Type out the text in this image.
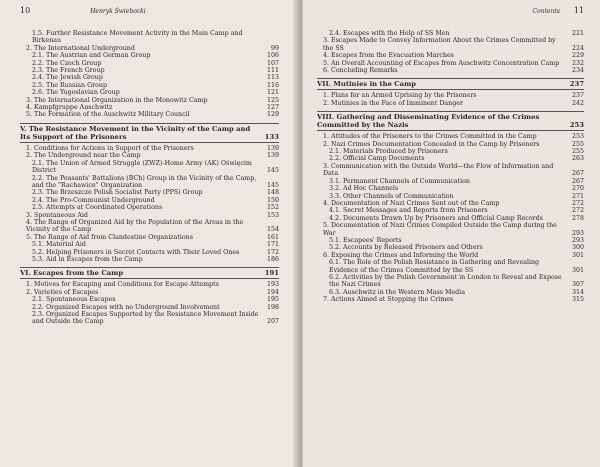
10	Henryk Świebocki
1.5. Further Resistance Movement Activity in the Main Camp and Birkenau
2. The International Underground	99
2.1. The Austrian and German Group	106
2.2. The Czech Group	107
2.3. The French Group	111
2.4. The Jewish Group	113
2.5. The Russian Group	116
2.6. The Yugoslavian Group	121
3. The International Organization in the Monowitz Camp	125
4. Kampfgruppe Auschwitz	127
5. The Formation of the Auschwitz Military Council	129
V. The Resistance Movement in the Vicinity of the Camp and Its Support of the Prisoners	133
1. Conditions for Actions in Support of the Prisoners	139
2. The Underground near the Camp	139
2.1. The Union of Armed Struggle (ZWZ)-Home Army (AK) Oświęcim District	145
2.2. The Peasants' Battalions (BCh) Group in the Vicinity of the Camp, and the "Rachawice" Organization	145
2.3. The Brzeszcze Polish Socialist Party (PPS) Group	148
2.4. The Pro-Communist Underground	150
2.5. Attempts at Coordinated Operations	152
3. Spontaneous Aid	153
4. The Range of Organized Aid by the Population of the Areas in the Vicinity of the Camp	154
5. The Range of Aid from Clandestine Organizations	161
5.1. Material Aid	171
5.2. Helping Prisoners in Secret Contacts with Their Loved Ones	172
5.3. Aid in Escapes from the Camp	186
VI. Escapes from the Camp	191
1. Motives for Escaping and Conditions for Escape Attempts	193
2. Varieties of Escapes	194
2.1. Spontaneous Escapes	195
2.2. Organized Escapes with no Underground Involvement	198
2.3. Organized Escapes Supported by the Resistance Movement Inside and Outside the Camp	207
Contents 11
2.4. Escapes with the Help of SS Men	221
3. Escapes Made to Convey Information About the Crimes Committed by the SS	224
4. Escapes from the Evacuation Marches	229
5. An Overall Accounting of Escapes from Auschwitz Concentration Camp	232
6. Concluding Remarks	234
VII. Mutinies in the Camp	237
1. Plans for an Armed Uprising by the Prisoners	237
2. Mutinies in the Face of Imminent Danger	242
VIII. Gathering and Disseminating Evidence of the Crimes Committed by the Nazis	253
1. Attitudes of the Prisoners to the Crimes Committed in the Camp	253
2. Nazi Crimes Documentation Concealed in the Camp by Prisoners	255
2.1. Materials Produced by Prisoners	255
2.2. Official Camp Documents	263
3. Communication with the Outside World—the Flow of Information and Data	267
3.1. Permanent Channels of Communication	267
3.2. Ad Hoc Channels	270
3.3. Other Channels of Communication	271
4. Documentation of Nazi Crimes Sent out of the Camp	272
4.1. Secret Messages and Reports from Prisoners	272
4.2. Documents Drawn Up by Prisoners and Official Camp Records	278
5. Documentation of Nazi Crimes Compiled Outside the Camp during the War	293
5.1. Escapees' Reports	293
5.2. Accounts by Released Prisoners and Others	300
6. Exposing the Crimes and Informing the World	301
6.1. The Role of the Polish Resistance in Gathering and Revealing Evidence of the Crimes Committed by the SS	301
6.2. Activities by the Polish Government in London to Reveal and Expose the Nazi Crimes	307
6.3. Auschwitz in the Western Mass Media	314
7. Actions Aimed at Stopping the Crimes	315
